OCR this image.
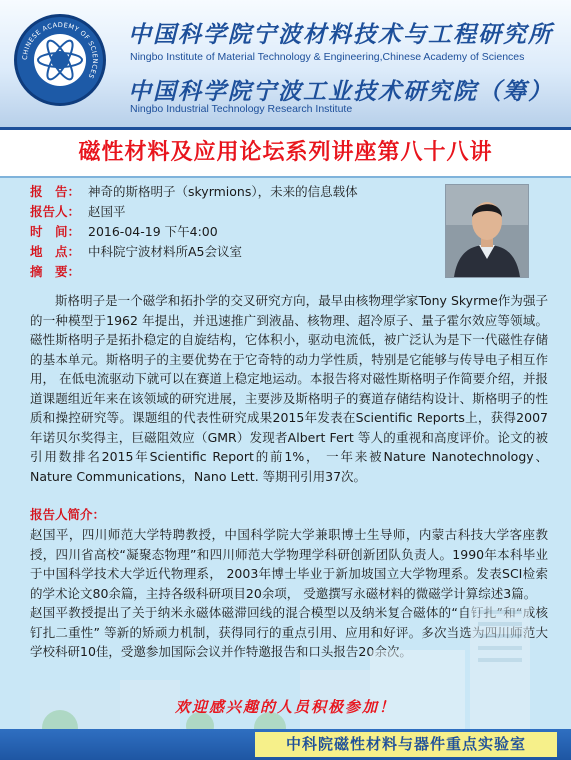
CHINESE ACADEMY OF SCIENCES
中国科学院宁波材料技术与工程研究所
Ningbo Institute of Material Technology & Engineering,Chinese Academy of Sciences
中国科学院宁波工业技术研究院（筹）
Ningbo Industrial Technology Research Institute
磁性材料及应用论坛系列讲座第八十八讲
报　告： 神奇的斯格明子（skyrmions），未来的信息载体
报告人： 赵国平
时　间： 2016-04-19 下午4:00
地　点： 中科院宁波材料所A5会议室
摘　要：
斯格明子是一个磁学和拓扑学的交叉研究方向，最早由核物理学家Tony Skyrme作为强子的一种模型于1962 年提出，并迅速推广到液晶、核物理、超冷原子、量子霍尔效应等领域。磁性斯格明子是拓扑稳定的自旋结构，它体积小，驱动电流低，被广泛认为是下一代磁性存储的基本单元。斯格明子的主要优势在于它奇特的动力学性质，特别是它能够与传导电子相互作用， 在低电流驱动下就可以在赛道上稳定地运动。本报告将对磁性斯格明子作简要介绍，并报道课题组近年来在该领域的研究进展，主要涉及斯格明子的赛道存储结构设计、斯格明子的性质和操控研究等。课题组的代表性研究成果2015年发表在Scientific Reports上，获得2007年诺贝尔奖得主，巨磁阻效应（GMR）发现者Albert Fert 等人的重视和高度评价。论文的被引用数排名2015年Scientific Report的前1%， 一年来被Nature Nanotechnology、 Nature Communications，Nano Lett. 等期刊引用37次。
报告人简介：

赵国平，四川师范大学特聘教授，中国科学院大学兼职博士生导师，内蒙古科技大学客座教授，四川省高校“凝聚态物理”和四川师范大学物理学科研创新团队负责人。1990年本科毕业于中国科学技术大学近代物理系， 2003年博士毕业于新加坡国立大学物理系。发表SCI检索的学术论文80余篇，主持各级科研项目20余项， 受邀撰写永磁材料的微磁学计算综述3篇。

赵国平教授提出了关于纳米永磁体磁滞回线的混合模型以及纳米复合磁体的“自钉扎”和“成核钉扎二重性” 等新的矫顽力机制，获得同行的重点引用、应用和好评。多次当选为四川师范大学校科研10佳，受邀参加国际会议并作特邀报告和口头报告20余次。

欢迎感兴趣的人员积极参加！
中科院磁性材料与器件重点实验室
